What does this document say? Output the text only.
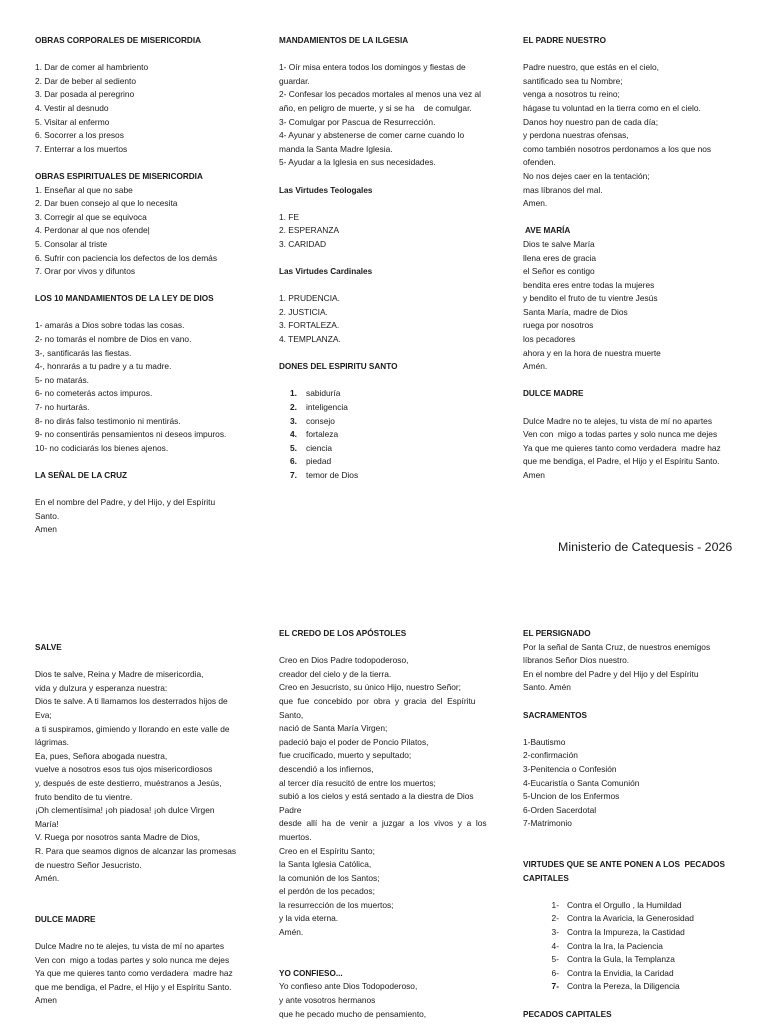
OBRAS CORPORALES DE MISERICORDIA
1. Dar de comer al hambriento
2. Dar de beber al sediento
3. Dar posada al peregrino
4. Vestir al desnudo
5. Visitar al enfermo
6. Socorrer a los presos
7. Enterrar a los muertos
OBRAS ESPIRITUALES DE MISERICORDIA
1. Enseñar al que no sabe
2. Dar buen consejo al que lo necesita
3. Corregir al que se equivoca
4. Perdonar al que nos ofende|
5. Consolar al triste
6. Sufrir con paciencia los defectos de los demás
7. Orar por vivos y difuntos
LOS 10 MANDAMIENTOS DE LA LEY DE DIOS
1- amarás a Dios sobre todas las cosas.
2- no tomarás el nombre de Dios en vano.
3-, santificarás las fiestas.
4-, honrarás a tu padre y a tu madre.
5- no matarás.
6- no cometerás actos impuros.
7- no hurtarás.
8- no dirás falso testimonio ni mentirás.
9- no consentirás pensamientos ni deseos impuros.
10- no codiciarás los bienes ajenos.
LA SEÑAL DE LA CRUZ
En el nombre del Padre, y del Hijo, y del Espíritu
Santo.
Amen
MANDAMIENTOS DE LA ILGESIA
1- Oír misa entera todos los domingos y fiestas de
guardar.
2- Confesar los pecados mortales al menos una vez al
año, en peligro de muerte, y si se ha    de comulgar.
3- Comulgar por Pascua de Resurrección.
4- Ayunar y abstenerse de comer carne cuando lo
manda la Santa Madre Iglesia.
5- Ayudar a la Iglesia en sus necesidades.
Las Virtudes Teologales
1. FE
2. ESPERANZA
3. CARIDAD
Las Virtudes Cardinales
1. PRUDENCIA.
2. JUSTICIA.
3. FORTALEZA.
4. TEMPLANZA.
DONES DEL ESPIRITU SANTO
1.	sabiduría
2.	inteligencia
3.	consejo
4.	fortaleza
5.	ciencia
6.	piedad
7.	temor de Dios
EL PADRE NUESTRO
Padre nuestro, que estás en el cielo,
santificado sea tu Nombre;
venga a nosotros tu reino;
hágase tu voluntad en la tierra como en el cielo.
Danos hoy nuestro pan de cada día;
y perdona nuestras ofensas,
como también nosotros perdonamos a los que nos
ofenden.
No nos dejes caer en la tentación;
mas líbranos del mal.
Amen.
AVE MARÍA
Dios te salve María
llena eres de gracia
el Señor es contigo
bendita eres entre todas la mujeres
y bendito el fruto de tu vientre Jesús
Santa María, madre de Dios
ruega por nosotros
los pecadores
ahora y en la hora de nuestra muerte
Amén.
DULCE MADRE
Dulce Madre no te alejes, tu vista de mí no apartes
Ven con  migo a todas partes y solo nunca me dejes
Ya que me quieres tanto como verdadera  madre haz
que me bendiga, el Padre, el Hijo y el Espíritu Santo.
Amen
Ministerio de Catequesis - 2026
SALVE
Dios te salve, Reina y Madre de misericordia,
vida y dulzura y esperanza nuestra:
Dios te salve. A ti llamamos los desterrados hijos de
Eva;
a ti suspiramos, gimiendo y llorando en este valle de
lágrimas.
Ea, pues, Señora abogada nuestra,
vuelve a nosotros esos tus ojos misericordiosos
y, después de este destierro, muéstranos a Jesús,
fruto bendito de tu vientre.
¡Oh clementísima! ¡oh piadosa! ¡oh dulce Virgen
María!
V. Ruega por nosotros santa Madre de Dios,
R. Para que seamos dignos de alcanzar las promesas
de nuestro Señor Jesucristo.
Amén.
DULCE MADRE
Dulce Madre no te alejes, tu vista de mí no apartes
Ven con  migo a todas partes y solo nunca me dejes
Ya que me quieres tanto como verdadera  madre haz
que me bendiga, el Padre, el Hijo y el Espíritu Santo.
Amen
EL CREDO DE LOS APÓSTOLES
Creo en Dios Padre todopoderoso,
creador del cielo y de la tierra.
Creo en Jesucristo, su único Hijo, nuestro Señor;
que  fue  concebido  por  obra  y  gracia  del  Espíritu
Santo,
nació de Santa María Virgen;
padeció bajo el poder de Poncio Pilatos,
fue crucificado, muerto y sepultado;
descendió a los infiernos,
al tercer día resucitó de entre los muertos;
subió a los cielos y está sentado a la diestra de Dios
Padre
desde  allí  ha  de  venir  a  juzgar  a  los  vivos  y  a  los
muertos.
Creo en el Espíritu Santo;
la Santa Iglesia Católica,
la comunión de los Santos;
el perdón de los pecados;
la resurrección de los muertos;
y la vida eterna.
Amén.
YO CONFIESO...
Yo confieso ante Dios Todopoderoso,
y ante vosotros hermanos
que he pecado mucho de pensamiento,
EL PERSIGNADO
Por la señal de Santa Cruz, de nuestros enemigos
líbranos Señor Dios nuestro.
En el nombre del Padre y del Hijo y del Espíritu
Santo. Amén
SACRAMENTOS
1-Bautismo
2-confirmación
3-Penitencia o Confesión
4-Eucaristía o Santa Comunión
5-Uncion de los Enfermos
6-Orden Sacerdotal
7-Matrimonio
VIRTUDES QUE SE ANTE PONEN A LOS  PECADOS
CAPITALES
1- Contra el Orgullo , la Humildad
2- Contra la Avaricia, la Generosidad
3- Contra la Impureza, la Castidad
4- Contra la Ira, la Paciencia
5- Contra la Gula, la Templanza
6- Contra la Envidia, la Caridad
7- Contra la Pereza, la Diligencia
PECADOS CAPITALES
